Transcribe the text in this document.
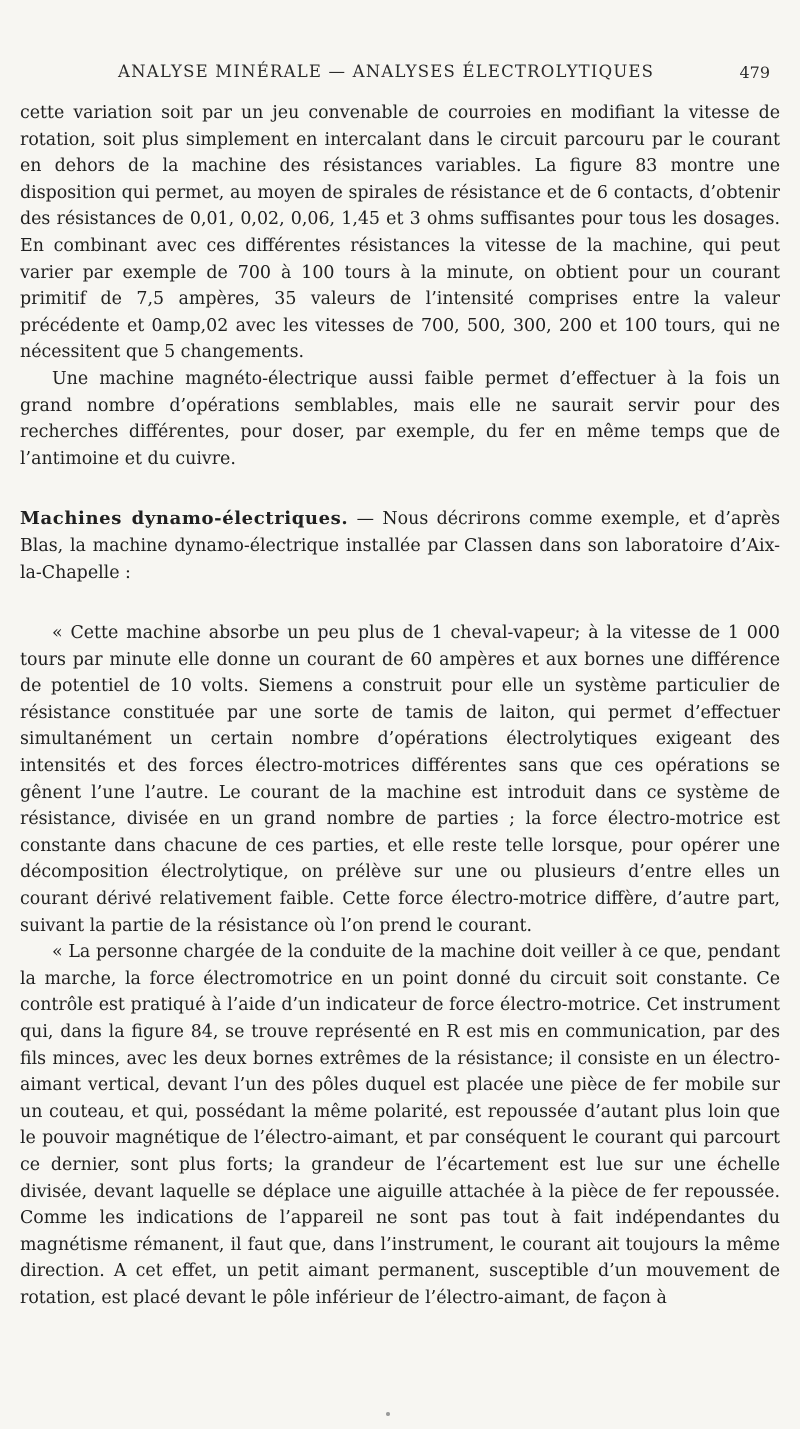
ANALYSE MINÉRALE — ANALYSES ÉLECTROLYTIQUES	479

cette variation soit par un jeu convenable de courroies en modifiant la vitesse de rotation, soit plus simplement en intercalant dans le circuit parcouru par le courant en dehors de la machine des résistances variables. La figure 83 montre une disposition qui permet, au moyen de spirales de résistance et de 6 contacts, d’obtenir des résistances de 0,01, 0,02, 0,06, 1,45 et 3 ohms suffisantes pour tous les dosages. En combinant avec ces différentes résistances la vitesse de la machine, qui peut varier par exemple de 700 à 100 tours à la minute, on obtient pour un courant primitif de 7,5 ampères, 35 valeurs de l’intensité comprises entre la valeur précédente et 0amp,02 avec les vitesses de 700, 500, 300, 200 et 100 tours, qui ne nécessitent que 5 changements.

Une machine magnéto-électrique aussi faible permet d’effectuer à la fois un grand nombre d’opérations semblables, mais elle ne saurait servir pour des recherches différentes, pour doser, par exemple, du fer en même temps que de l’antimoine et du cuivre.

Machines dynamo-électriques. — Nous décrirons comme exemple, et d’après Blas, la machine dynamo-électrique installée par Classen dans son laboratoire d’Aix-la-Chapelle :

« Cette machine absorbe un peu plus de 1 cheval-vapeur; à la vitesse de 1 000 tours par minute elle donne un courant de 60 ampères et aux bornes une différence de potentiel de 10 volts. Siemens a construit pour elle un système particulier de résistance constituée par une sorte de tamis de laiton, qui permet d’effectuer simultanément un certain nombre d’opérations électrolytiques exigeant des intensités et des forces électro-motrices différentes sans que ces opérations se gênent l’une l’autre. Le courant de la machine est introduit dans ce système de résistance, divisée en un grand nombre de parties ; la force électro-motrice est constante dans chacune de ces parties, et elle reste telle lorsque, pour opérer une décomposition électrolytique, on prélève sur une ou plusieurs d’entre elles un courant dérivé relativement faible. Cette force électro-motrice diffère, d’autre part, suivant la partie de la résistance où l’on prend le courant.

« La personne chargée de la conduite de la machine doit veiller à ce que, pendant la marche, la force électromotrice en un point donné du circuit soit constante. Ce contrôle est pratiqué à l’aide d’un indicateur de force électro-motrice. Cet instrument qui, dans la figure 84, se trouve représenté en R est mis en communication, par des fils minces, avec les deux bornes extrêmes de la résistance; il consiste en un électro-aimant vertical, devant l’un des pôles duquel est placée une pièce de fer mobile sur un couteau, et qui, possédant la même polarité, est repoussée d’autant plus loin que le pouvoir magnétique de l’électro-aimant, et par conséquent le courant qui parcourt ce dernier, sont plus forts; la grandeur de l’écartement est lue sur une échelle divisée, devant laquelle se déplace une aiguille attachée à la pièce de fer repoussée. Comme les indications de l’appareil ne sont pas tout à fait indépendantes du magnétisme rémanent, il faut que, dans l’instrument, le courant ait toujours la même direction. A cet effet, un petit aimant permanent, susceptible d’un mouvement de rotation, est placé devant le pôle inférieur de l’électro-aimant, de façon à
